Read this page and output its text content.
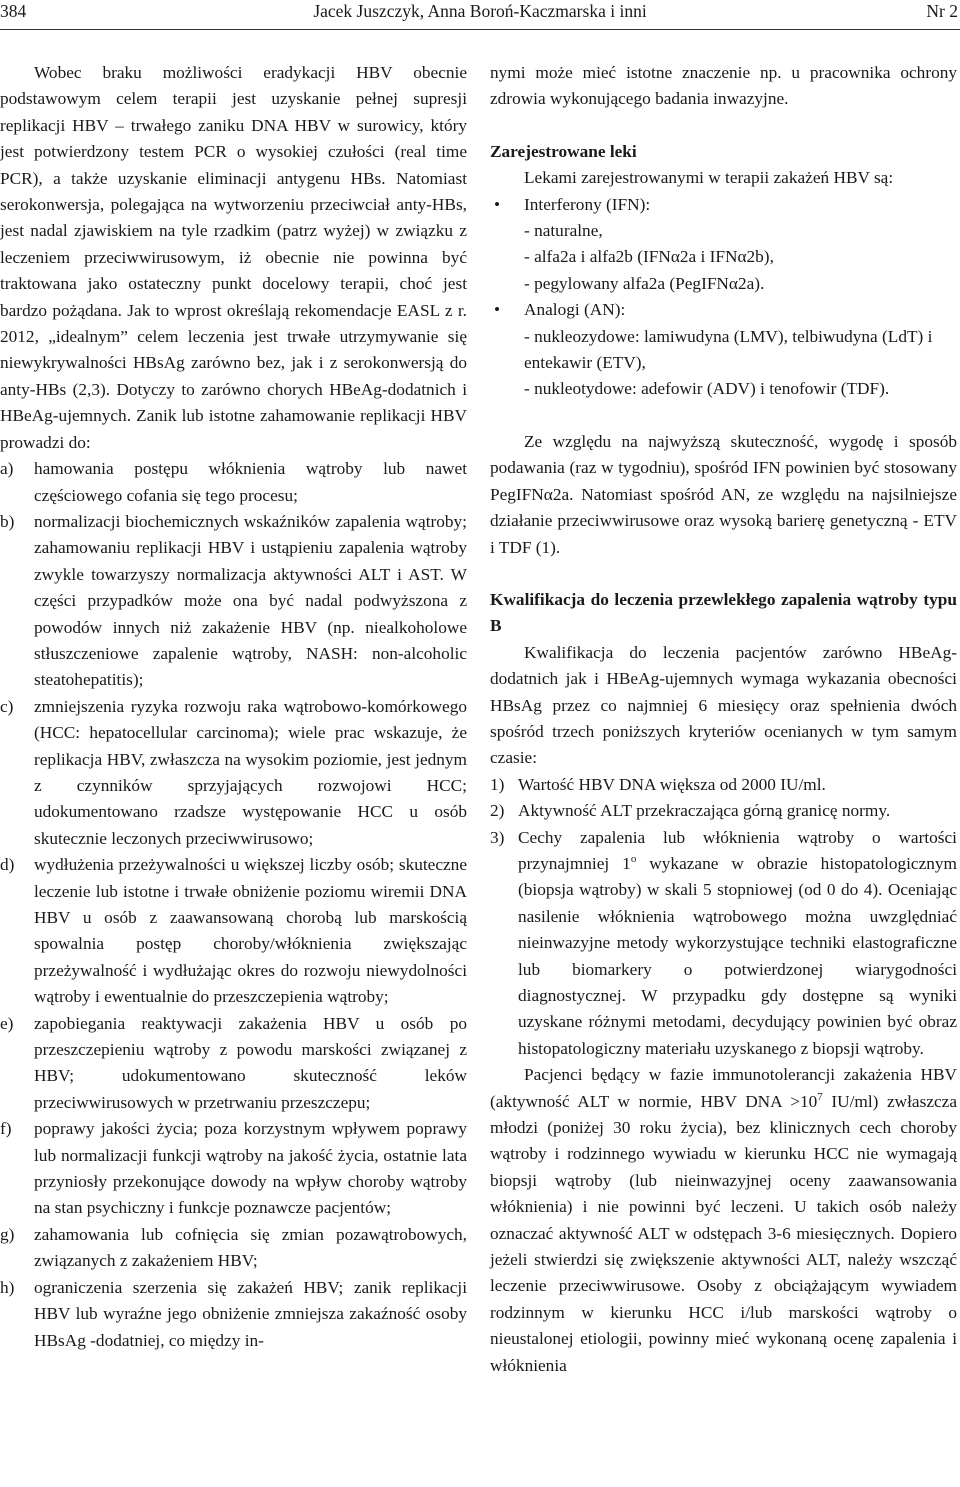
384	Jacek Juszczyk, Anna Boroń-Kaczmarska i inni	Nr 2

Wobec braku możliwości eradykacji HBV obecnie podstawowym celem terapii jest uzyskanie pełnej supresji replikacji HBV – trwałego zaniku DNA HBV w surowicy, który jest potwierdzony testem PCR o wysokiej czułości (real time PCR), a także uzyskanie eliminacji antygenu HBs. Natomiast serokonwersja, polegająca na wytworzeniu przeciwciał anty-HBs, jest nadal zjawiskiem na tyle rzadkim (patrz wyżej) w związku z leczeniem przeciwwirusowym, iż obecnie nie powinna być traktowana jako ostateczny punkt docelowy terapii, choć jest bardzo pożądana. Jak to wprost określają rekomendacje EASL z r. 2012, „idealnym” celem leczenia jest trwałe utrzymywanie się niewykrywalności HBsAg zarówno bez, jak i z serokonwersją do anty-HBs (2,3). Dotyczy to zarówno chorych HBeAg-dodatnich i HBeAg-ujemnych. Zanik lub istotne zahamowanie replikacji HBV prowadzi do:

a) hamowania postępu włóknienia wątroby lub nawet częściowego cofania się tego procesu;
b) normalizacji biochemicznych wskaźników zapalenia wątroby; zahamowaniu replikacji HBV i ustąpieniu zapalenia wątroby zwykle towarzyszy normalizacja aktywności ALT i AST. W części przypadków może ona być nadal podwyższona z powodów innych niż zakażenie HBV (np. niealkoholowe stłuszczeniowe zapalenie wątroby, NASH: non-alcoholic steatohepatitis);
c) zmniejszenia ryzyka rozwoju raka wątrobowo-komórkowego (HCC: hepatocellular carcinoma); wiele prac wskazuje, że replikacja HBV, zwłaszcza na wysokim poziomie, jest jednym z czynników sprzyjających rozwojowi HCC; udokumentowano rzadsze występowanie HCC u osób skutecznie leczonych przeciwwirusowo;
d) wydłużenia przeżywalności u większej liczby osób; skuteczne leczenie lub istotne i trwałe obniżenie poziomu wiremii DNA HBV u osób z zaawansowaną chorobą lub marskością spowalnia postęp choroby/włóknienia zwiększając przeżywalność i wydłużając okres do rozwoju niewydolności wątroby i ewentualnie do przeszczepienia wątroby;
e) zapobiegania reaktywacji zakażenia HBV u osób po przeszczepieniu wątroby z powodu marskości związanej z HBV; udokumentowano skuteczność leków przeciwwirusowych w przetrwaniu przeszczepu;
f) poprawy jakości życia; poza korzystnym wpływem poprawy lub normalizacji funkcji wątroby na jakość życia, ostatnie lata przyniosły przekonujące dowody na wpływ choroby wątroby na stan psychiczny i funkcje poznawcze pacjentów;
g) zahamowania lub cofnięcia się zmian pozawątrobowych, związanych z zakażeniem HBV;
h) ograniczenia szerzenia się zakażeń HBV; zanik replikacji HBV lub wyraźne jego obniżenie zmniejsza zakaźność osoby HBsAg -dodatniej, co między in-

nymi może mieć istotne znaczenie np. u pracownika ochrony zdrowia wykonującego badania inwazyjne.

Zarejestrowane leki

Lekami zarejestrowanymi w terapii zakażeń HBV są:

• Interferony (IFN):
- naturalne,
- alfa2a i alfa2b (IFNα2a i IFNα2b),
- pegylowany alfa2a (PegIFNα2a).
• Analogi (AN):
- nukleozydowe: lamiwudyna (LMV), telbiwudyna (LdT) i entekawir (ETV),
- nukleotydowe: adefowir (ADV) i tenofowir (TDF).

Ze względu na najwyższą skuteczność, wygodę i sposób podawania (raz w tygodniu), spośród IFN powinien być stosowany PegIFNα2a. Natomiast spośród AN, ze względu na najsilniejsze działanie przeciwwirusowe oraz wysoką barierę genetyczną - ETV i TDF (1).

Kwalifikacja do leczenia przewlekłego zapalenia wątroby typu B

Kwalifikacja do leczenia pacjentów zarówno HBeAg-dodatnich jak i HBeAg-ujemnych wymaga wykazania obecności HBsAg przez co najmniej 6 miesięcy oraz spełnienia dwóch spośród trzech poniższych kryteriów ocenianych w tym samym czasie:

1) Wartość HBV DNA większa od 2000 IU/ml.
2) Aktywność ALT przekraczająca górną granicę normy.
3) Cechy zapalenia lub włóknienia wątroby o wartości przynajmniej 1$^o$ wykazane w obrazie histopatologicznym (biopsja wątroby) w skali 5 stopniowej (od 0 do 4). Oceniając nasilenie włóknienia wątrobowego można uwzględniać nieinwazyjne metody wykorzystujące techniki elastograficzne lub biomarkery o potwierdzonej wiarygodności diagnostycznej. W przypadku gdy dostępne są wyniki uzyskane różnymi metodami, decydujący powinien być obraz histopatologiczny materiału uzyskanego z biopsji wątroby.

Pacjenci będący w fazie immunotolerancji zakażenia HBV (aktywność ALT w normie, HBV DNA $>10^7$ IU/ml) zwłaszcza młodzi (poniżej 30 roku życia), bez klinicznych cech choroby wątroby i rodzinnego wywiadu w kierunku HCC nie wymagają biopsji wątroby (lub nieinwazyjnej oceny zaawansowania włóknienia) i nie powinni być leczeni. U takich osób należy oznaczać aktywność ALT w odstępach 3-6 miesięcznych. Dopiero jeżeli stwierdzi się zwiększenie aktywności ALT, należy wszcząć leczenie przeciwwirusowe. Osoby z obciążającym wywiadem rodzinnym w kierunku HCC i/lub marskości wątroby o nieustalonej etiologii, powinny mieć wykonaną ocenę zapalenia i włóknienia
